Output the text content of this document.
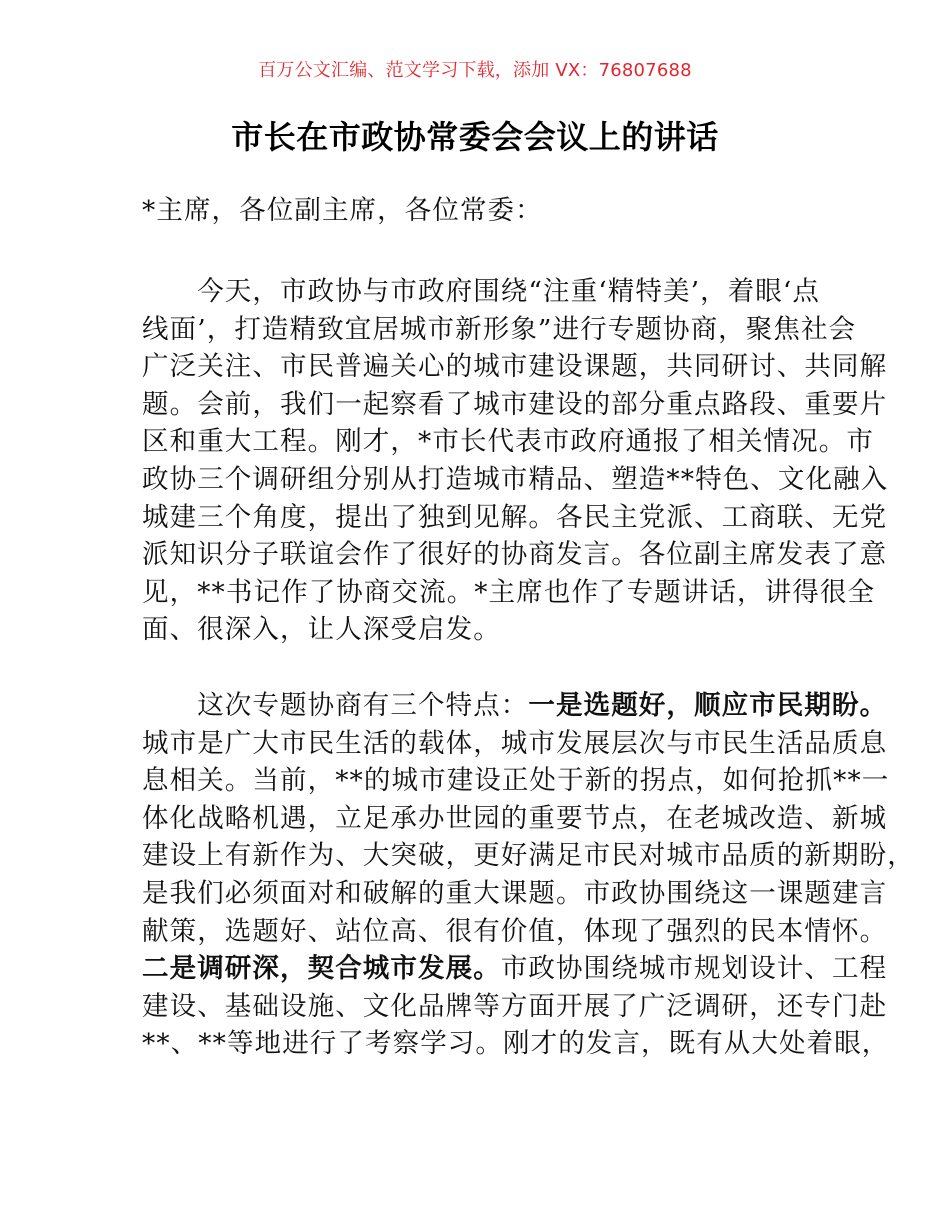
百万公文汇编、范文学习下载，添加 VX：76807688
市长在市政协常委会会议上的讲话
*主席，各位副主席，各位常委：
　　今天，市政协与市政府围绕“注重‘精特美’，着眼‘点
线面’，打造精致宜居城市新形象”进行专题协商，聚焦社会
广泛关注、市民普遍关心的城市建设课题，共同研讨、共同解
题。会前，我们一起察看了城市建设的部分重点路段、重要片
区和重大工程。刚才，*市长代表市政府通报了相关情况。市
政协三个调研组分别从打造城市精品、塑造**特色、文化融入
城建三个角度，提出了独到见解。各民主党派、工商联、无党
派知识分子联谊会作了很好的协商发言。各位副主席发表了意
见，**书记作了协商交流。*主席也作了专题讲话，讲得很全
面、很深入，让人深受启发。
　　这次专题协商有三个特点：一是选题好，顺应市民期盼。
城市是广大市民生活的载体，城市发展层次与市民生活品质息
息相关。当前，**的城市建设正处于新的拐点，如何抢抓**一
体化战略机遇，立足承办世园的重要节点，在老城改造、新城
建设上有新作为、大突破，更好满足市民对城市品质的新期盼，
是我们必须面对和破解的重大课题。市政协围绕这一课题建言
献策，选题好、站位高、很有价值，体现了强烈的民本情怀。
二是调研深，契合城市发展。市政协围绕城市规划设计、工程
建设、基础设施、文化品牌等方面开展了广泛调研，还专门赴
**、**等地进行了考察学习。刚才的发言，既有从大处着眼，
